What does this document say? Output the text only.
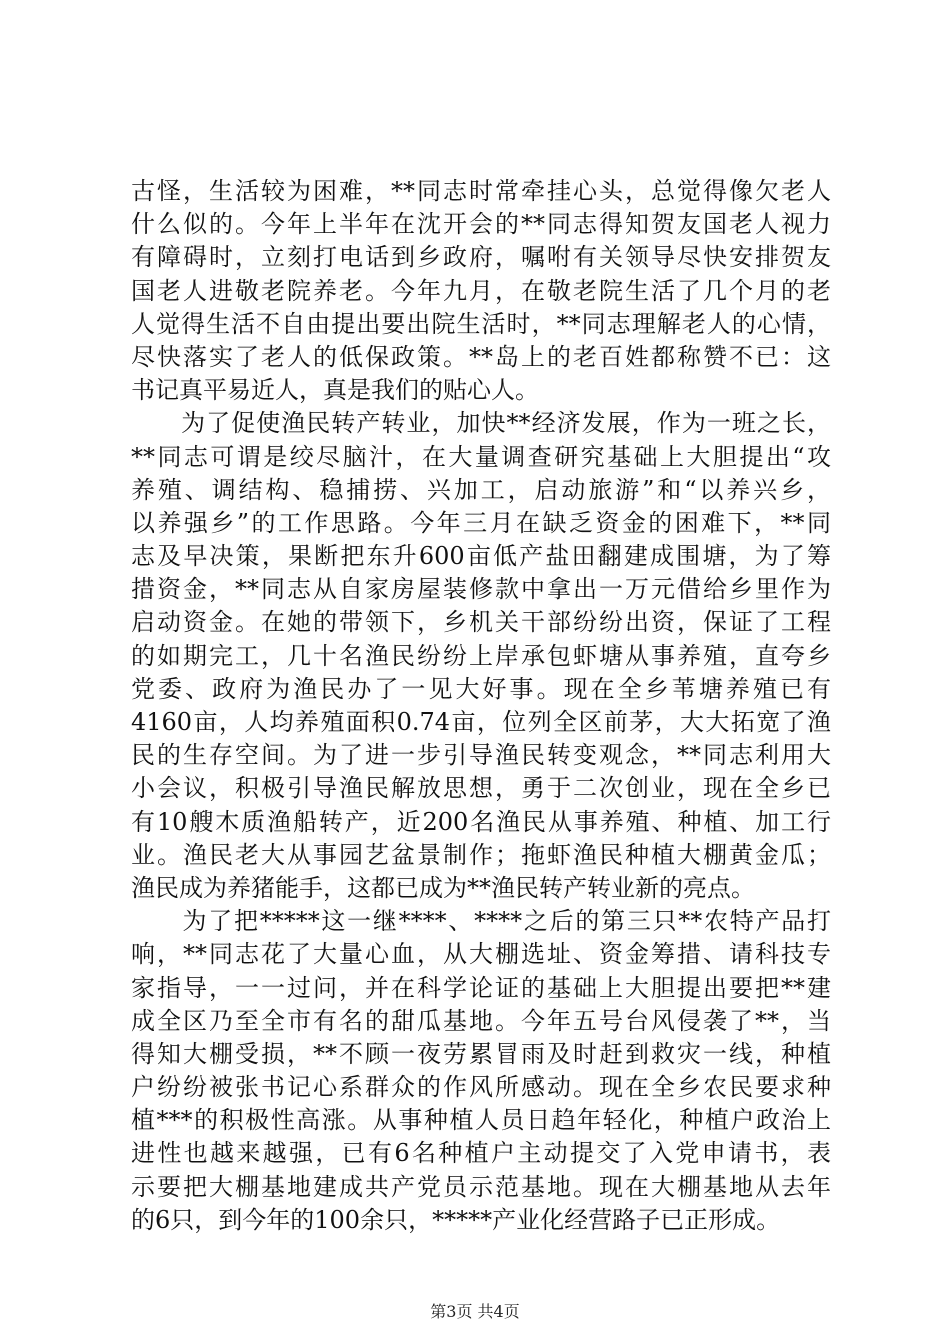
古怪，生活较为困难，**同志时常牵挂心头，总觉得像欠老人
什么似的。今年上半年在沈开会的**同志得知贺友国老人视力
有障碍时，立刻打电话到乡政府，嘱咐有关领导尽快安排贺友
国老人进敬老院养老。今年九月，在敬老院生活了几个月的老
人觉得生活不自由提出要出院生活时，**同志理解老人的心情，
尽快落实了老人的低保政策。**岛上的老百姓都称赞不已：这
书记真平易近人，真是我们的贴心人。
　　为了促使渔民转产转业，加快**经济发展，作为一班之长，
**同志可谓是绞尽脑汁，在大量调查研究基础上大胆提出“攻
养殖、调结构、稳捕捞、兴加工，启动旅游”和“以养兴乡，
以养强乡”的工作思路。今年三月在缺乏资金的困难下，**同
志及早决策，果断把东升600亩低产盐田翻建成围塘，为了筹
措资金，**同志从自家房屋装修款中拿出一万元借给乡里作为
启动资金。在她的带领下，乡机关干部纷纷出资，保证了工程
的如期完工，几十名渔民纷纷上岸承包虾塘从事养殖，直夸乡
党委、政府为渔民办了一见大好事。现在全乡苇塘养殖已有
4160亩，人均养殖面积0.74亩，位列全区前茅，大大拓宽了渔
民的生存空间。为了进一步引导渔民转变观念，**同志利用大
小会议，积极引导渔民解放思想，勇于二次创业，现在全乡已
有10艘木质渔船转产，近200名渔民从事养殖、种植、加工行
业。渔民老大从事园艺盆景制作；拖虾渔民种植大棚黄金瓜；
渔民成为养猪能手，这都已成为**渔民转产转业新的亮点。
　　为了把*****这一继****、****之后的第三只**农特产品打
响，**同志花了大量心血，从大棚选址、资金筹措、请科技专
家指导，一一过问，并在科学论证的基础上大胆提出要把**建
成全区乃至全市有名的甜瓜基地。今年五号台风侵袭了**，当
得知大棚受损，**不顾一夜劳累冒雨及时赶到救灾一线，种植
户纷纷被张书记心系群众的作风所感动。现在全乡农民要求种
植***的积极性高涨。从事种植人员日趋年轻化，种植户政治上
进性也越来越强，已有6名种植户主动提交了入党申请书，表
示要把大棚基地建成共产党员示范基地。现在大棚基地从去年
的6只，到今年的100余只，*****产业化经营路子已正形成。
第3页 共4页
